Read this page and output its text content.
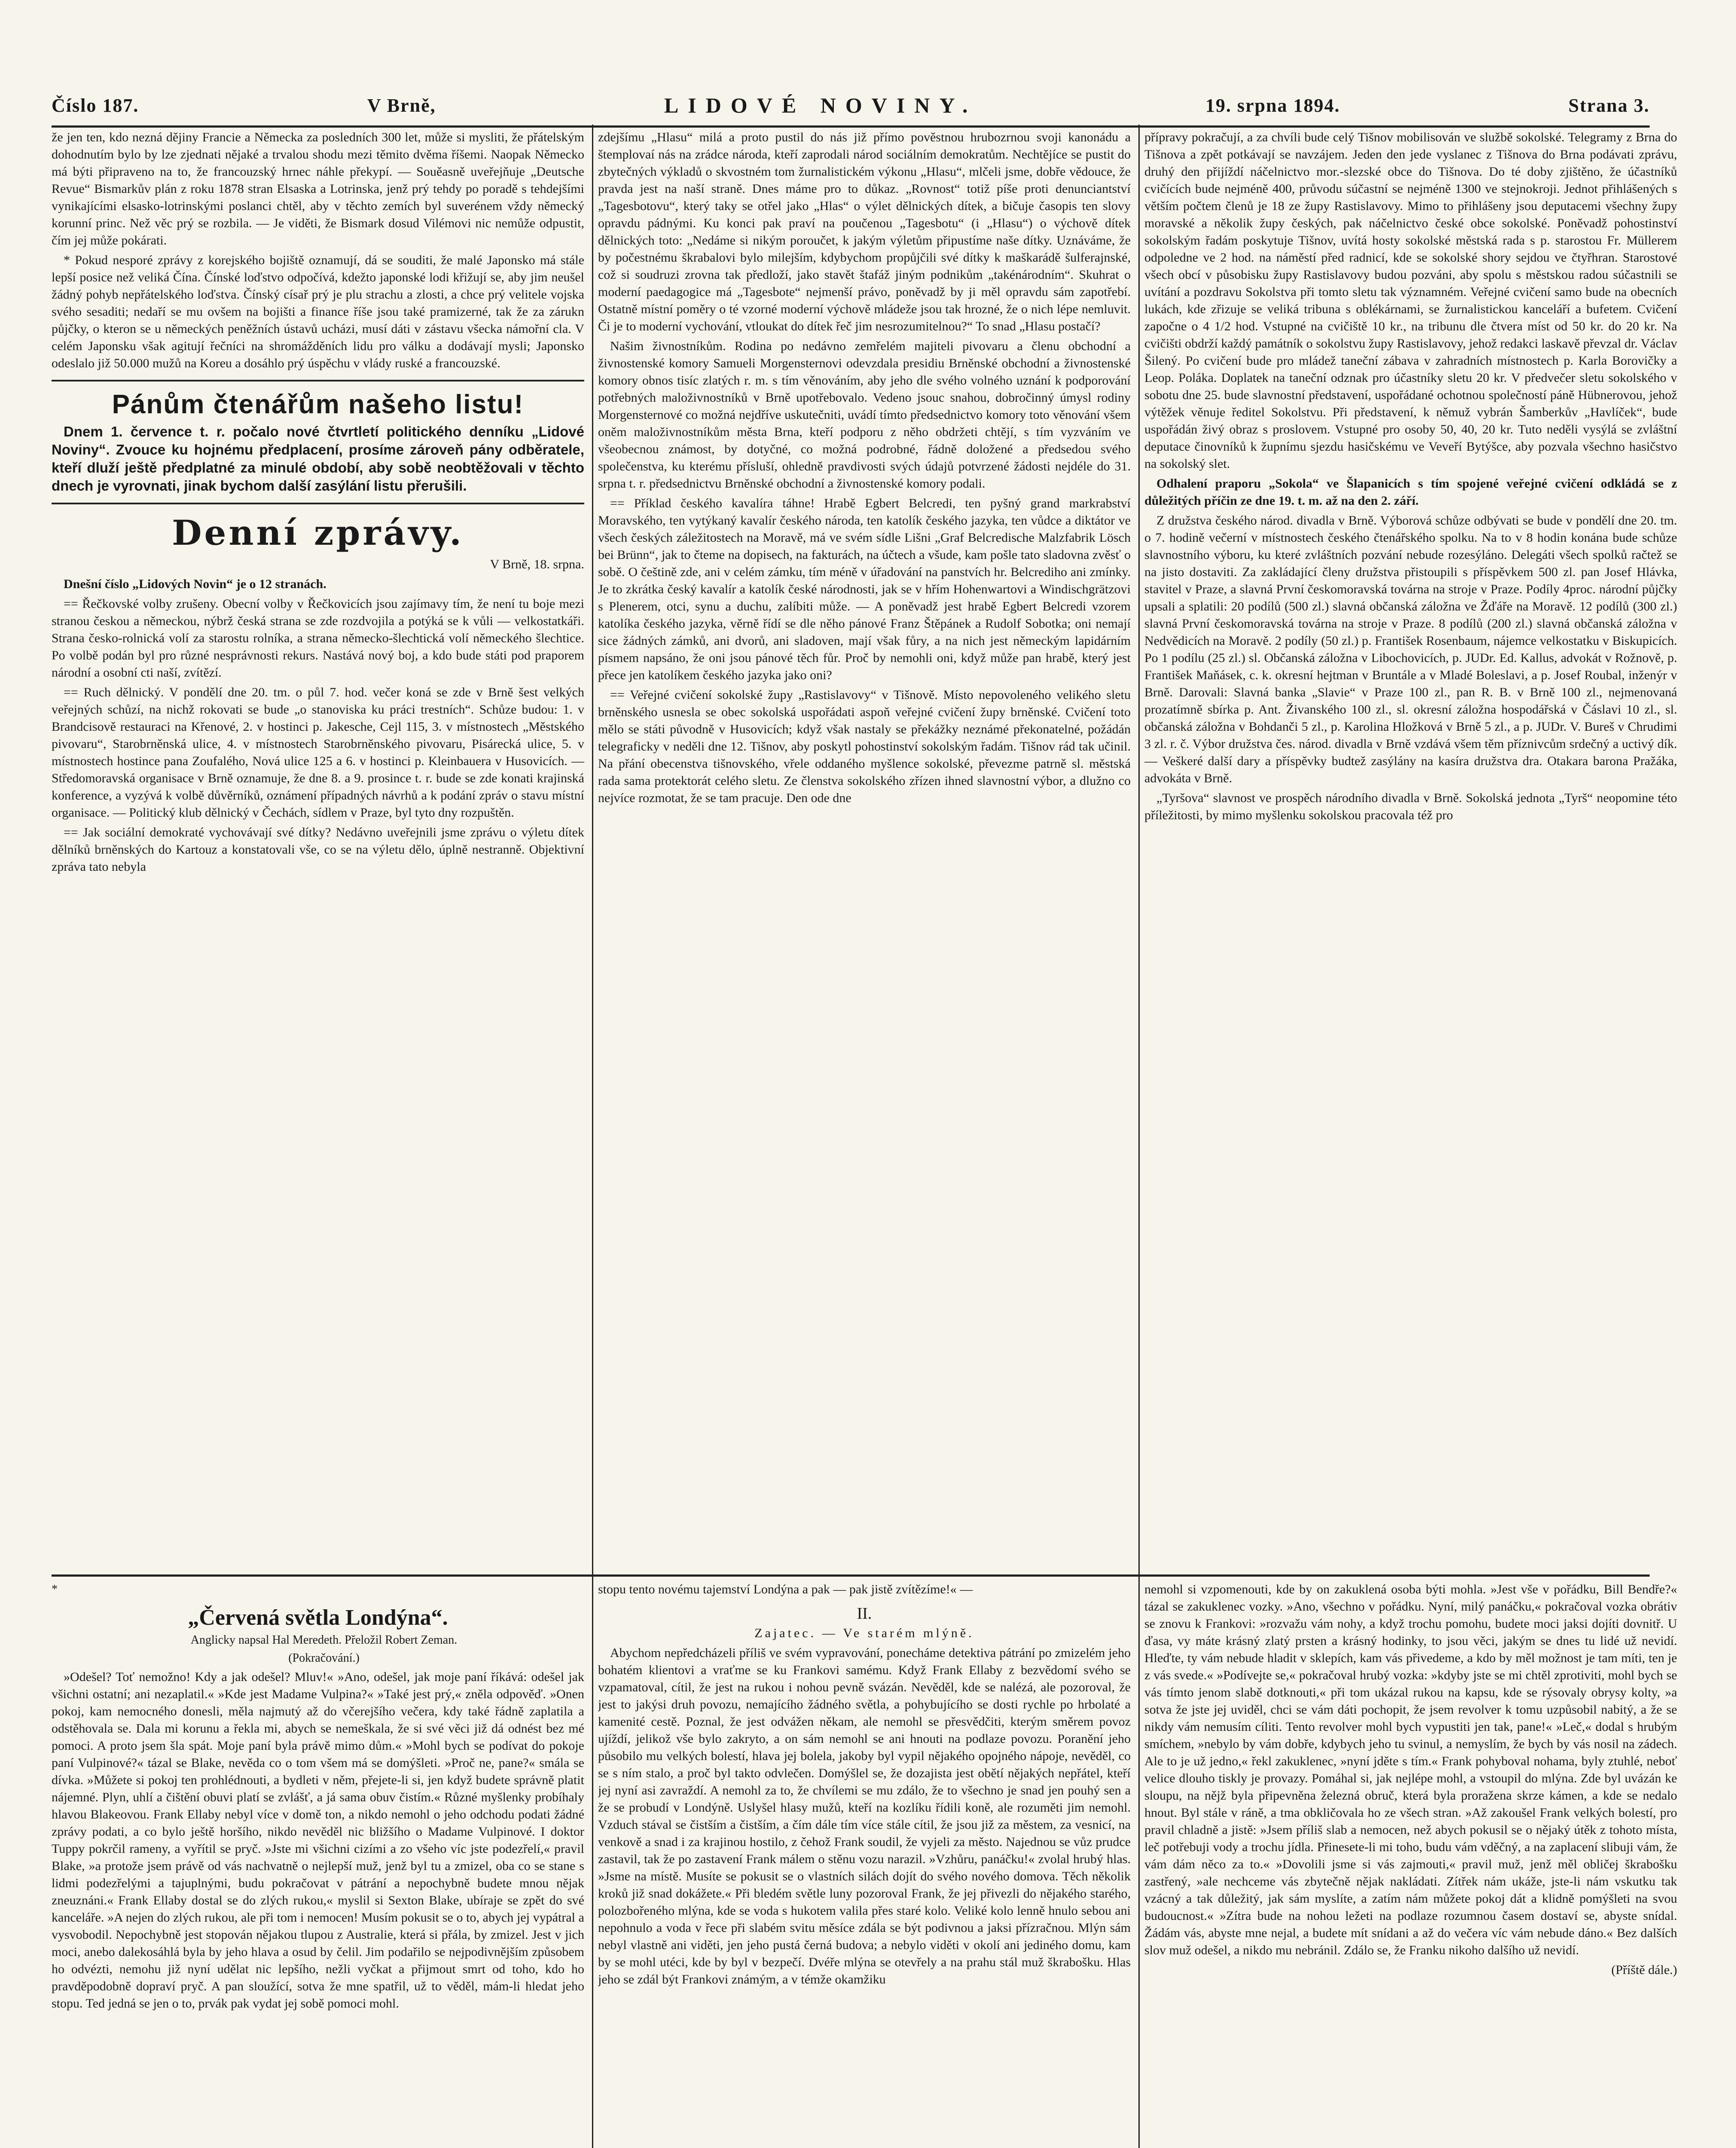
Číslo 187.	V Brně,	LIDOVÉ NOVINY.	19. srpna 1894.	Strana 3.

že jen ten, kdo nezná dějiny Francie a Německa za posledních 300 let, může si mysliti, že přátelským dohodnutím bylo by lze zjednati nějaké a trvalou shodu mezi těmito dvěma říšemi. Naopak Německo má býti připraveno na to, že francouzský hrnec náhle překypí. — Souěasně uveřejňuje „Deutsche Revue“ Bismarkův plán z roku 1878 stran Elsaska a Lotrinska, jenž prý tehdy po poradě s tehdejšími vynikajícími elsasko-lotrinskými poslanci chtěl, aby v těchto zemích byl suverénem vždy německý korunní princ. Než věc prý se rozbila. — Je viděti, že Bismark dosud Vilémovi nic nemůže odpustit, čím jej může pokárati.

* Pokud nesporé zprávy z korejského bojiště oznamují, dá se souditi, že malé Japonsko má stále lepší posice než veliká Čína. Čínské loďstvo odpočívá, kdežto japonské lodi křižují se, aby jim neušel žádný pohyb nepřátelského loďstva. Čínský císař prý je plu strachu a zlosti, a chce prý velitele vojska svého sesaditi; nedaří se mu ovšem na bojišti a finance říše jsou také pramizerné, tak že za zárukn půjčky, o kteron se u německých peněžních ústavů ucházi, musí dáti v zástavu všecka námořní cla. V celém Japonsku však agitují řečníci na shromážděních lidu pro válku a dodávají mysli; Japonsko odeslalo již 50.000 mužů na Koreu a dosáhlo prý úspěchu v vlády ruské a francouzské.

Pánům čtenářům našeho listu!

Dnem 1. července t. r. počalo nové čtvrtletí politického denníku „Lidové Noviny“. Zvouce ku hojnému předplacení, prosíme zároveň pány odběratele, kteří dluží ještě předplatné za minulé období, aby sobě neobtěžovali v těchto dnech je vyrovnati, jinak bychom další zasýlání listu přerušili.

Denní zprávy.

V Brně, 18. srpna.

Dnešní číslo „Lidových Novin“ je o 12 stranách.

== Řečkovské volby zrušeny. Obecní volby v Řečkovicích jsou zajímavy tím, že není tu boje mezi stranou českou a německou, nýbrž česká strana se zde rozdvojila a potýká se k vůli — velkostatkáři. Strana česko-rolnická volí za starostu rolníka, a strana německo-šlechtická volí německého šlechtice. Po volbě podán byl pro různé nesprávnosti rekurs. Nastává nový boj, a kdo bude státi pod praporem národní a osobní cti naší, zvítězí.

== Ruch dělnický. V pondělí dne 20. tm. o půl 7. hod. večer koná se zde v Brně šest velkých veřejných schůzí, na nichž rokovati se bude „o stanoviska ku práci trestních“. Schůze budou: 1. v Brandcisově restauraci na Křenové, 2. v hostinci p. Jakesche, Cejl 115, 3. v místnostech „Městského pivovaru“, Starobrněnská ulice, 4. v místnostech Starobrněnského pivovaru, Pisárecká ulice, 5. v místnostech hostince pana Zoufalého, Nová ulice 125 a 6. v hostinci p. Kleinbauera v Husovicích. — Středomoravská organisace v Brně oznamuje, že dne 8. a 9. prosince t. r. bude se zde konati krajinská konference, a vyzývá k volbě důvěrníků, oznámení případných návrhů a k podání zpráv o stavu místní organisace. — Politický klub dělnický v Čechách, sídlem v Praze, byl tyto dny rozpuštěn.

== Jak sociální demokraté vychovávají své dítky? Nedávno uveřejnili jsme zprávu o výletu dítek dělníků brněnských do Kartouz a konstatovali vše, co se na výletu dělo, úplně nestranně. Objektivní zpráva tato nebyla

zdejšímu „Hlasu“ milá a proto pustil do nás již přímo pověstnou hrubozrnou svoji kanonádu a štemplovaí nás na zrádce národa, kteří zaprodali národ sociálním demokratům. Nechtějíce se pustit do zbytečných výkladů o skvostném tom žurnalistickém výkonu „Hlasu“, mlčeli jsme, dobře vědouce, že pravda jest na naší straně. Dnes máme pro to důkaz. „Rovnost“ totiž píše proti denunciantství „Tagesbotovu“, který taky se otřel jako „Hlas“ o výlet dělnických dítek, a bičuje časopis ten slovy opravdu pádnými. Ku konci pak praví na poučenou „Tagesbotu“ (i „Hlasu“) o výchově dítek dělnických toto: „Nedáme si nikým poroučet, k jakým výletům připustíme naše dítky. Uznáváme, že by počestnému škrabalovi bylo milejším, kdybychom propůjčili své dítky k maškarádě šulferajnské, což si soudruzi zrovna tak předloží, jako stavět štafáž jiným podnikům „takénárodním“. Skuhrat o moderní paedagogice má „Tagesbote“ nejmenší právo, poněvadž by ji měl opravdu sám zapotřebí. Ostatně místní poměry o té vzorné moderní výchově mládeže jsou tak hrozné, že o nich lépe nemluvit. Či je to moderní vychování, vtloukat do dítek řeč jim nesrozumitelnou?“ To snad „Hlasu postačí?

Našim živnostníkům. Rodina po nedávno zemřelém majiteli pivovaru a členu obchodní a živnostenské komory Samueli Morgensternovi odevzdala presidiu Brněnské obchodní a živnostenské komory obnos tisíc zlatých r. m. s tím věnováním, aby jeho dle svého volného uznání k podporování potřebných maloživnostníků v Brně upotřebovalo. Vedeno jsouc snahou, dobročinný úmysl rodiny Morgensternové co možná nejdříve uskutečniti, uvádí tímto předsednictvo komory toto věnování všem oněm maloživnostníkům města Brna, kteří podporu z něho obdržeti chtějí, s tím vyzváním ve všeobecnou známost, by dotyčné, co možná podrobné, řádně doložené a předsedou svého společenstva, ku kterému přísluší, ohledně pravdivosti svých údajů potvrzené žádosti nejdéle do 31. srpna t. r. předsednictvu Brněnské obchodní a živnostenské komory podali.

== Příklad českého kavalíra táhne! Hrabě Egbert Belcredi, ten pyšný grand markrabství Moravského, ten vytýkaný kavalír českého národa, ten katolík českého jazyka, ten vůdce a diktátor ve všech českých záležitostech na Moravě, má ve svém sídle Lišni „Graf Belcredische Malzfabrik Lösch bei Brünn“, jak to čteme na dopisech, na fakturách, na účtech a všude, kam pošle tato sladovna zvěsť o sobě. O češtině zde, ani v celém zámku, tím méně v úřadování na panstvích hr. Belcrediho ani zmínky. Je to zkrátka český kavalír a katolík české národnosti, jak se v hřím Hohenwartovi a Windischgrätzovi s Plenerem, otci, synu a duchu, zalíbiti může. — A poněvadž jest hrabě Egbert Belcredi vzorem katolíka českého jazyka, věrně řídí se dle něho pánové Franz Štěpánek a Rudolf Sobotka; oni nemají sice žádných zámků, ani dvorů, ani sladoven, mají však fůry, a na nich jest německým lapidárním písmem napsáno, že oni jsou pánové těch fůr. Proč by nemohli oni, když může pan hrabě, který jest přece jen katolíkem českého jazyka jako oni?

== Veřejné cvičení sokolské župy „Rastislavovy“ v Tišnově. Místo nepovoleného velikého sletu brněnského usnesla se obec sokolská uspořádati aspoň veřejné cvičení župy brněnské. Cvičení toto mělo se státi původně v Husovicích; když však nastaly se překážky neznámé překonatelné, požádán telegraficky v neděli dne 12. Tišnov, aby poskytl pohostinství sokolským řadám. Tišnov rád tak učinil. Na přání obecenstva tišnovského, vřele oddaného myšlence sokolské, převezme patrně sl. městská rada sama protektorát celého sletu. Ze členstva sokolského zřízen ihned slavnostní výbor, a dlužno co nejvíce rozmotat, že se tam pracuje. Den ode dne

přípravy pokračují, a za chvíli bude celý Tišnov mobilisován ve službě sokolské. Telegramy z Brna do Tišnova a zpět potkávají se navzájem. Jeden den jede vyslanec z Tišnova do Brna podávati zprávu, druhý den přijíždí náčelnictvo mor.-slezské obce do Tišnova. Do té doby zjištěno, že účastníků cvičících bude nejméně 400, průvodu súčastní se nejméně 1300 ve stejnokroji. Jednot přihlášených s větším počtem členů je 18 ze župy Rastislavovy. Mimo to přihlášeny jsou deputacemi všechny župy moravské a několik župy českých, pak náčelnictvo české obce sokolské. Poněvadž pohostinství sokolským řadám poskytuje Tišnov, uvítá hosty sokolské městská rada s p. starostou Fr. Müllerem odpoledne ve 2 hod. na náměstí před radnicí, kde se sokolské shory sejdou ve čtyřhran. Starostové všech obcí v působisku župy Rastislavovy budou pozváni, aby spolu s městskou radou súčastnili se uvítání a pozdravu Sokolstva při tomto sletu tak významném. Veřejné cvičení samo bude na obecních lukách, kde zřizuje se veliká tribuna s oblékárnami, se žurnalistickou kanceláří a bufetem. Cvičení započne o 4 1/2 hod. Vstupné na cvičiště 10 kr., na tribunu dle čtvera míst od 50 kr. do 20 kr. Na cvičišti obdrží každý památník o sokolstvu župy Rastislavovy, jehož redakci laskavě převzal dr. Václav Šilený. Po cvičení bude pro mládež taneční zábava v zahradních místnostech p. Karla Borovičky a Leop. Poláka. Doplatek na taneční odznak pro účastníky sletu 20 kr. V předvečer sletu sokolského v sobotu dne 25. bude slavnostní představení, uspořádané ochotnou společností páně Hübnerovou, jehož výtěžek věnuje ředitel Sokolstvu. Při představení, k němuž vybrán Šamberkův „Havlíček“, bude uspořádán živý obraz s proslovem. Vstupné pro osoby 50, 40, 20 kr. Tuto neděli vysýlá se zvláštní deputace činovníků k župnímu sjezdu hasičskému ve Veveří Bytýšce, aby pozvala všechno hasičstvo na sokolský slet.

Odhalení praporu „Sokola“ ve Šlapanicích s tím spojené veřejné cvičení odkládá se z důležitých příčin ze dne 19. t. m. až na den 2. září.

Z družstva českého národ. divadla v Brně. Výborová schůze odbývati se bude v pondělí dne 20. tm. o 7. hodině večerní v místnostech českého čtenářského spolku. Na to v 8 hodin konána bude schůze slavnostního výboru, ku které zvláštních pozvání nebude rozesýláno. Delegáti všech spolků račtež se na jisto dostaviti. Za zakládající členy družstva přistoupili s příspěvkem 500 zl. pan Josef Hlávka, stavitel v Praze, a slavná První českomoravská továrna na stroje v Praze. Podíly 4proc. národní půjčky upsali a splatili: 20 podílů (500 zl.) slavná občanská záložna ve Žďáře na Moravě. 12 podílů (300 zl.) slavná První českomoravská továrna na stroje v Praze. 8 podílů (200 zl.) slavná občanská záložna v Nedvědicích na Moravě. 2 podíly (50 zl.) p. František Rosenbaum, nájemce velkostatku v Biskupicích. Po 1 podílu (25 zl.) sl. Občanská záložna v Libochovicích, p. JUDr. Ed. Kallus, advokát v Rožnově, p. František Maňásek, c. k. okresní hejtman v Bruntále a v Mladé Boleslavi, a p. Josef Roubal, inženýr v Brně. Darovali: Slavná banka „Slavie“ v Praze 100 zl., pan R. B. v Brně 100 zl., nejmenovaná prozatímně sbírka p. Ant. Živanského 100 zl., sl. okresní záložna hospodářská v Čáslavi 10 zl., sl. občanská záložna v Bohdanči 5 zl., p. Karolina Hložková v Brně 5 zl., a p. JUDr. V. Bureš v Chrudimi 3 zl. r. č. Výbor družstva čes. národ. divadla v Brně vzdává všem těm příznivcům srdečný a uctivý dík. — Veškeré další dary a příspěvky budtež zasýlány na kasíra družstva dra. Otakara barona Pražáka, advokáta v Brně.

„Tyršova“ slavnost ve prospěch národního divadla v Brně. Sokolská jednota „Tyrš“ neopomine této příležitosti, by mimo myšlenku sokolskou pracovala též pro

*

„Červená světla Londýna“.

Anglicky napsal Hal Meredeth. Přeložil Robert Zeman.

(Pokračování.)

»Odešel? Toť nemožno! Kdy a jak odešel? Mluv!« »Ano, odešel, jak moje paní říkává: odešel jak všichni ostatní; ani nezaplatil.« »Kde jest Madame Vulpina?« »Také jest prý,« zněla odpověď. »Onen pokoj, kam nemocného donesli, měla najmutý až do včerejšího večera, kdy také řádně zaplatila a odstěhovala se. Dala mi korunu a řekla mi, abych se nemeškala, že si své věci již dá odnést bez mé pomoci. A proto jsem šla spát. Moje paní byla právě mimo dům.« »Mohl bych se podívat do pokoje paní Vulpinové?« tázal se Blake, nevěda co o tom všem má se domýšleti. »Proč ne, pane?« smála se dívka. »Můžete si pokoj ten prohlédnouti, a bydleti v něm, přejete-li si, jen když budete správně platit nájemné. Plyn, uhlí a čištění obuvi platí se zvlášť, a já sama obuv čistím.« Různé myšlenky probíhaly hlavou Blakeovou. Frank Ellaby nebyl více v domě ton, a nikdo nemohl o jeho odchodu podati žádné zprávy podati, a co bylo ještě horšího, nikdo nevěděl nic bližšího o Madame Vulpinové. I doktor Tuppy pokrčil rameny, a vyřítil se pryč. »Jste mi všichni cizími a zo všeho víc jste podezřelí,« pravil Blake, »a protože jsem právě od vás nachvatně o nejlepší muž, jenž byl tu a zmizel, oba co se stane s lidmi podezřelými a tajuplnými, budu pokračovat v pátrání a nepochybně budete mnou nějak zneuznáni.« Frank Ellaby dostal se do zlých rukou,« myslil si Sexton Blake, ubíraje se zpět do své kanceláře. »A nejen do zlých rukou, ale při tom i nemocen! Musím pokusit se o to, abych jej vypátral a vysvobodil. Nepochybně jest stopován nějakou tlupou z Australie, která si přála, by zmizel. Jest v jich moci, anebo dalekosáhlá byla by jeho hlava a osud by čelil. Jim podařilo se nejpodivnějším způsobem ho odvézti, nemohu již nyní udělat nic lepšího, nežli vyčkat a přijmout smrt od toho, kdo ho pravděpodobně dopraví pryč. A pan sloužící, sotva že mne spatřil, už to věděl, mám-li hledat jeho stopu. Ted jedná se jen o to, prvák pak vydat jej sobě pomoci mohl.

stopu tento novému tajemství Londýna a pak — pak jistě zvítězíme!« —

II.

Zajatec. — Ve starém mlýně.

Abychom nepředcházeli příliš ve svém vypravování, ponecháme detektiva pátrání po zmizelém jeho bohatém klientovi a vraťme se ku Frankovi samému. Když Frank Ellaby z bezvědomí svého se vzpamatoval, cítil, že jest na rukou i nohou pevně svázán. Nevěděl, kde se nalézá, ale pozoroval, že jest to jakýsi druh povozu, nemajícího žádného světla, a pohybujícího se dosti rychle po hrbolaté a kamenité cestě. Poznal, že jest odvážen někam, ale nemohl se přesvědčiti, kterým směrem povoz ujíždí, jelikož vše bylo zakryto, a on sám nemohl se ani hnouti na podlaze povozu. Poranění jeho působilo mu velkých bolestí, hlava jej bolela, jakoby byl vypil nějakého opojného nápoje, nevěděl, co se s ním stalo, a proč byl takto odvlečen. Domýšlel se, že dozajista jest obětí nějakých nepřátel, kteří jej nyní asi zavraždí. A nemohl za to, že chvílemi se mu zdálo, že to všechno je snad jen pouhý sen a že se probudí v Londýně. Uslyšel hlasy mužů, kteří na kozlíku řídili koně, ale rozuměti jim nemohl. Vzduch stával se čistším a čistším, a čím dále tím více stále cítil, že jsou již za městem, za vesnicí, na venkově a snad i za krajinou hostilo, z čehož Frank soudil, že vyjeli za město. Najednou se vůz prudce zastavil, tak že po zastavení Frank málem o stěnu vozu narazil. »Vzhůru, panáčku!« zvolal hrubý hlas. »Jsme na místě. Musíte se pokusit se o vlastních silách dojít do svého nového domova. Těch několik kroků již snad dokážete.« Při bledém světle luny pozoroval Frank, že jej přivezli do nějakého starého, polozbořeného mlýna, kde se voda s hukotem valila přes staré kolo. Veliké kolo lenně hnulo sebou ani nepohnulo a voda v řece při slabém svitu měsíce zdála se být podivnou a jaksi přízračnou. Mlýn sám nebyl vlastně ani viděti, jen jeho pustá černá budova; a nebylo viděti v okolí ani jediného domu, kam by se mohl utéci, kde by byl v bezpečí. Dvéře mlýna se otevřely a na prahu stál muž škrabošku. Hlas jeho se zdál být Frankovi známým, a v témže okamžiku

nemohl si vzpomenouti, kde by on zakuklená osoba býti mohla. »Jest vše v pořádku, Bill Bendře?« tázal se zakuklenec vozky. »Ano, všechno v pořádku. Nyní, milý panáčku,« pokračoval vozka obrátiv se znovu k Frankovi: »rozvažu vám nohy, a když trochu pomohu, budete moci jaksi dojíti dovnitř. U ďasa, vy máte krásný zlatý prsten a krásný hodinky, to jsou věci, jakým se dnes tu lidé už nevidí. Hleďte, ty vám nebude hladit v sklepích, kam vás přivedeme, a kdo by měl možnost je tam míti, ten je z vás svede.« »Podívejte se,« pokračoval hrubý vozka: »kdyby jste se mi chtěl zprotiviti, mohl bych se vás tímto jenom slabě dotknouti,« při tom ukázal rukou na kapsu, kde se rýsovaly obrysy kolty, »a sotva že jste jej uviděl, chci se vám dáti pochopit, že jsem revolver k tomu uzpůsobil nabitý, a že se nikdy vám nemusím cíliti. Tento revolver mohl bych vypustiti jen tak, pane!« »Leč,« dodal s hrubým smíchem, »nebylo by vám dobře, kdybych jeho tu svinul, a nemyslím, že bych by vás nosil na zádech. Ale to je už jedno,« řekl zakuklenec, »nyní jděte s tím.« Frank pohyboval nohama, byly ztuhlé, neboť velice dlouho tiskly je provazy. Pomáhal si, jak nejlépe mohl, a vstoupil do mlýna. Zde byl uvázán ke sloupu, na nějž byla připevněna železná obruč, která byla proražena skrze kámen, a kde se nedalo hnout. Byl stále v ráně, a tma obkličovala ho ze všech stran. »Až zakoušel Frank velkých bolestí, pro pravil chladně a jistě: »Jsem příliš slab a nemocen, než abych pokusil se o nějaký útěk z tohoto místa, leč potřebuji vody a trochu jídla. Přinesete-li mi toho, budu vám vděčný, a na zaplacení slibuji vám, že vám dám něco za to.« »Dovolili jsme si vás zajmouti,« pravil muž, jenž měl obličej škrabošku zastřený, »ale nechceme vás zbytečně nějak nakládati. Zítřek nám ukáže, jste-li nám vskutku tak vzácný a tak důležitý, jak sám myslíte, a zatím nám můžete pokoj dát a klidně pomýšleti na svou budoucnost.« »Zítra bude na nohou ležeti na podlaze rozumnou časem dostaví se, abyste snídal. Žádám vás, abyste mne nejal, a budete mít snídani a až do večera víc vám nebude dáno.« Bez dalších slov muž odešel, a nikdo mu nebránil. Zdálo se, že Franku nikoho dalšího už nevidí.

(Příště dále.)
